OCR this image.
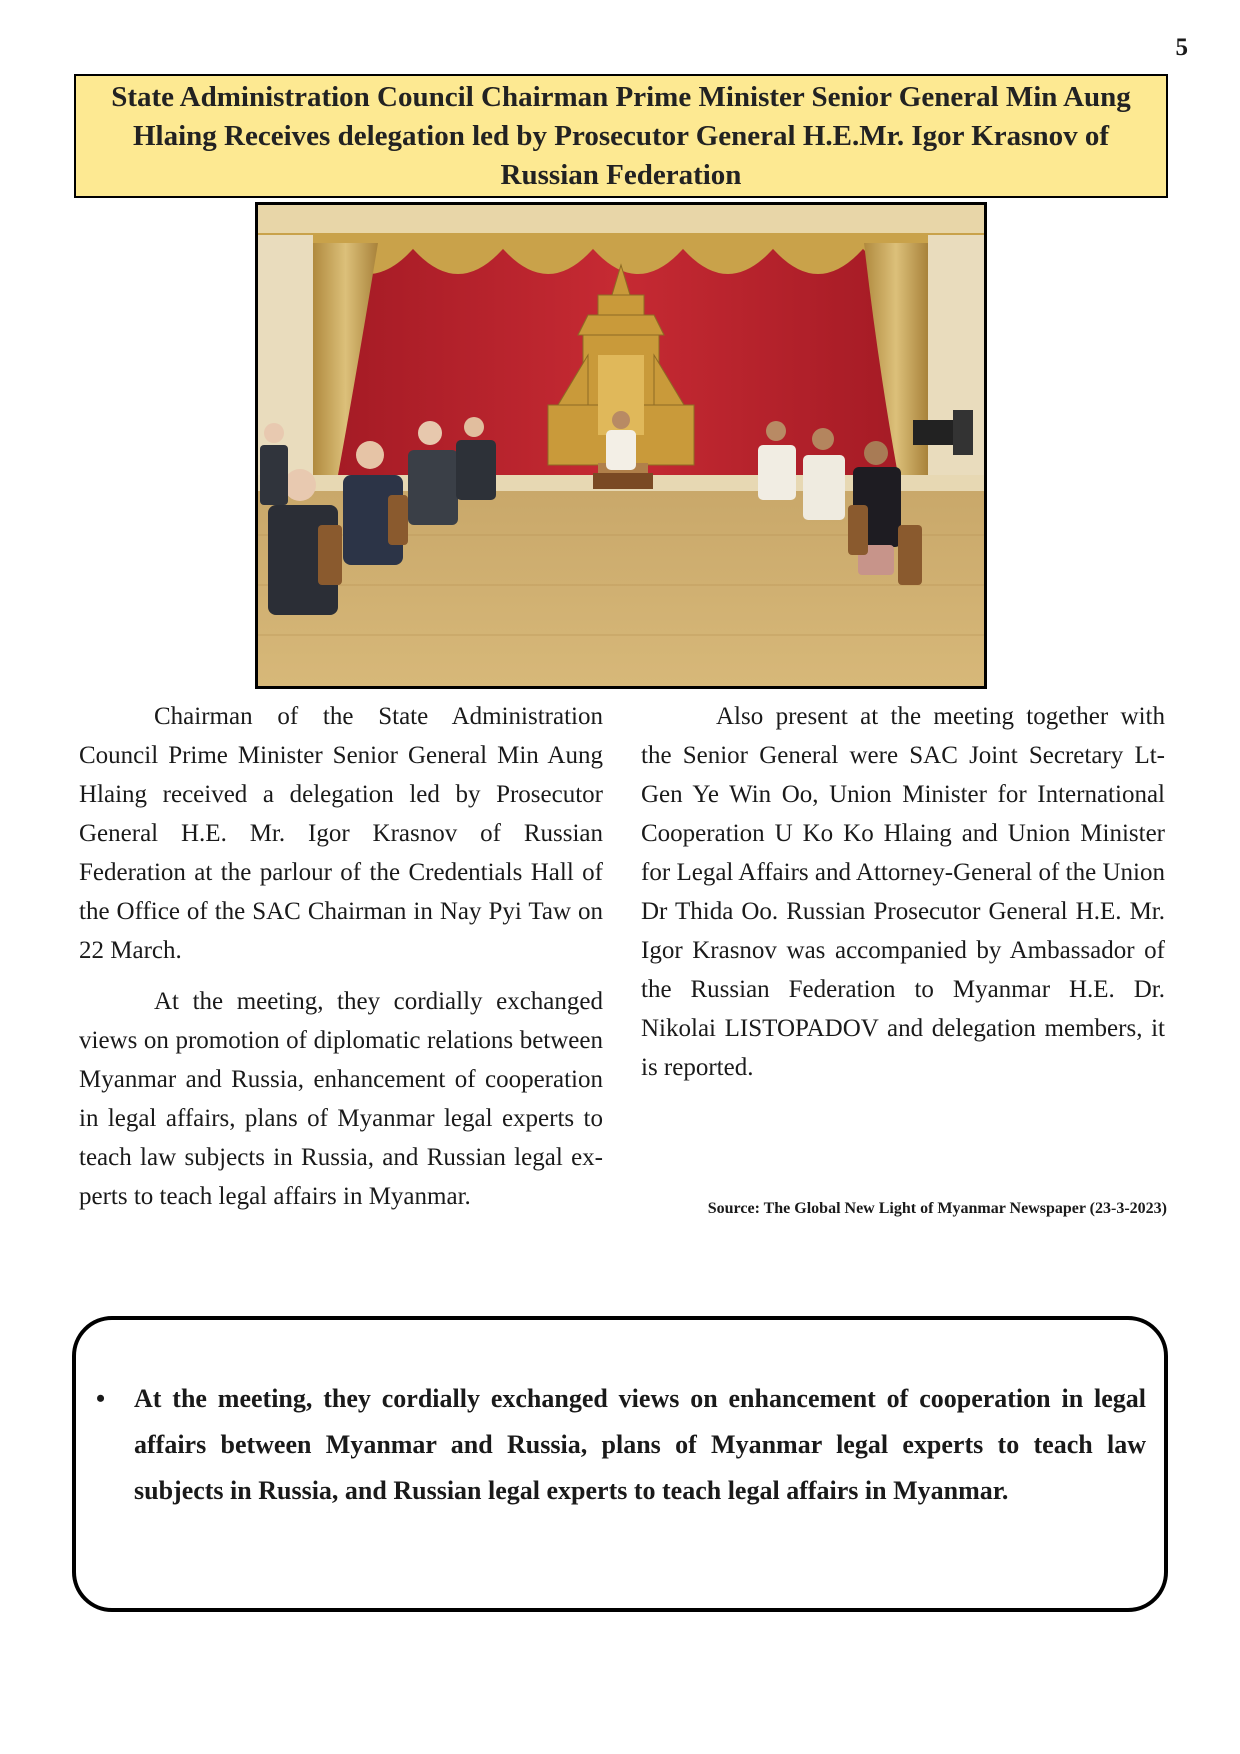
5
State Administration Council Chairman Prime Minister Senior General Min Aung Hlaing Receives delegation led by Prosecutor General H.E.Mr. Igor Krasnov of Russian Federation

Chairman of the State Administration Council Prime Minister Senior General Min Aung Hlaing received a delegation led by Prosecutor General H.E. Mr. Igor Krasnov of Russian Federation at the parlour of the Credentials Hall of the Office of the SAC Chairman in Nay Pyi Taw on 22 March.

At the meeting, they cordially exchanged views on promotion of diplomatic relations between Myanmar and Russia, enhancement of cooperation in legal affairs, plans of Myanmar legal experts to teach law subjects in Russia, and Russian legal experts to teach legal affairs in Myanmar.

Also present at the meeting together with the Senior General were SAC Joint Secretary Lt-Gen Ye Win Oo, Union Minister for International Cooperation U Ko Ko Hlaing and Union Minister for Legal Affairs and Attorney-General of the Union Dr Thida Oo. Russian Prosecutor General H.E. Mr. Igor Krasnov was accompanied by Ambassador of the Russian Federation to Myanmar H.E. Dr. Nikolai LISTOPADOV and delegation members, it is reported.

Source: The Global New Light of Myanmar Newspaper (23-3-2023)
• At the meeting, they cordially exchanged views on enhancement of cooperation in legal affairs between Myanmar and Russia, plans of Myanmar legal experts to teach law subjects in Russia, and Russian legal experts to teach legal affairs in Myanmar.
